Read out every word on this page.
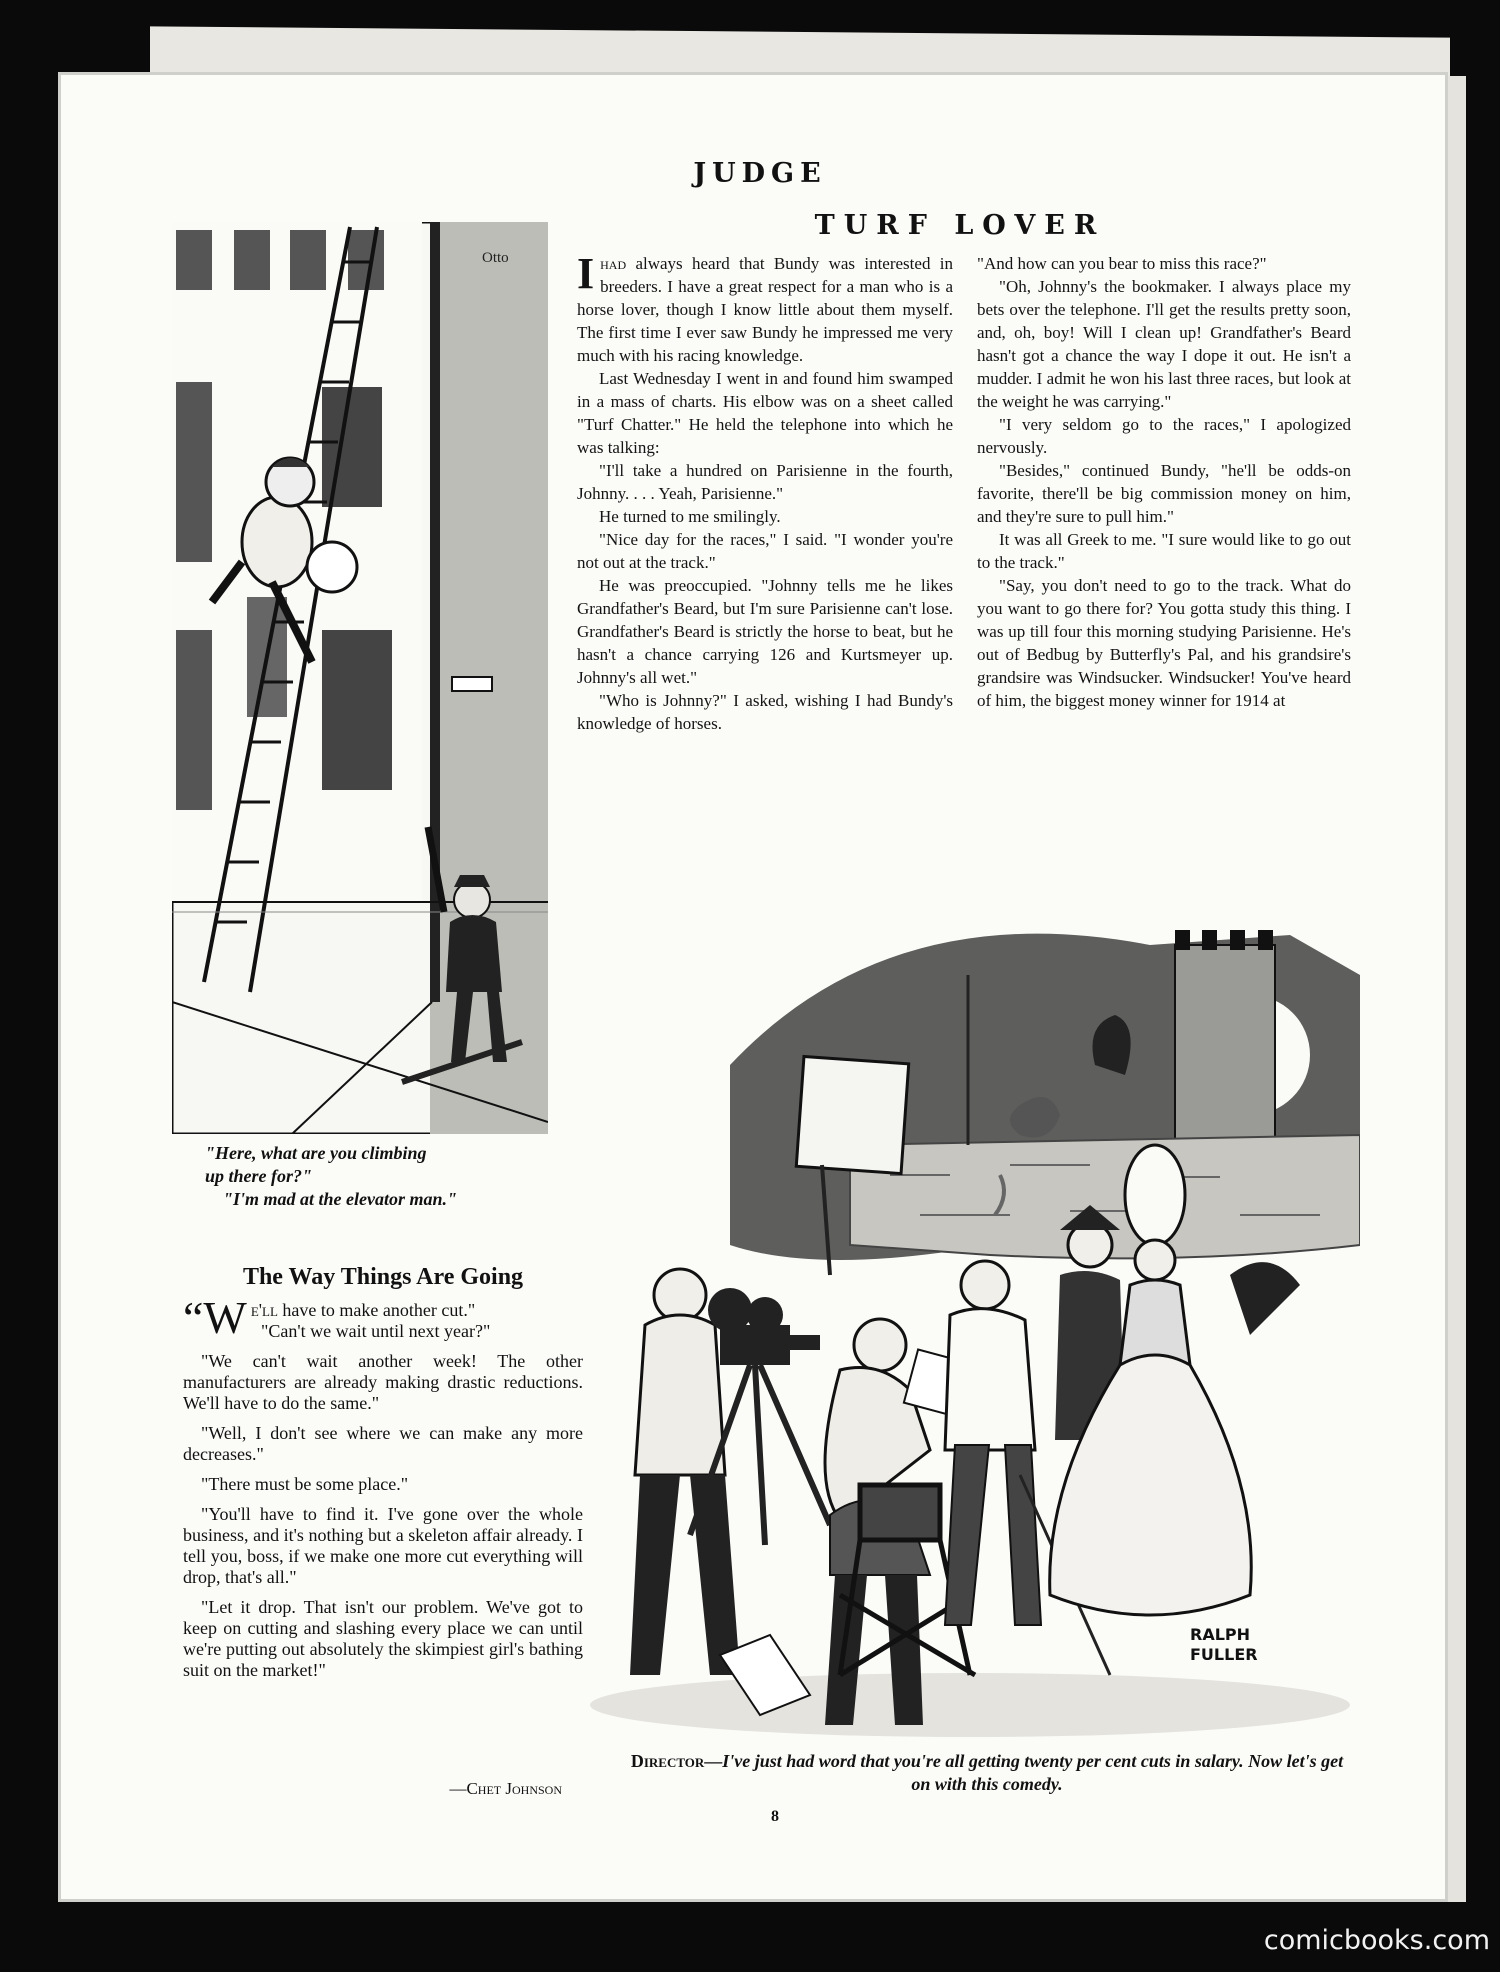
JUDGE
TURF LOVER
Otto
"Here, what are you climbing
up there for?"
"I'm mad at the elevator man."

Ihad always heard that Bundy was interested in breeders. I have a great respect for a man who is a horse lover, though I know little about them myself. The first time I ever saw Bundy he impressed me very much with his racing knowledge.

Last Wednesday I went in and found him swamped in a mass of charts. His elbow was on a sheet called "Turf Chatter." He held the telephone into which he was talking:

"I'll take a hundred on Parisienne in the fourth, Johnny. . . . Yeah, Parisienne."

He turned to me smilingly.

"Nice day for the races," I said. "I wonder you're not out at the track."

He was preoccupied. "Johnny tells me he likes Grandfather's Beard, but I'm sure Parisienne can't lose. Grandfather's Beard is strictly the horse to beat, but he hasn't a chance carrying 126 and Kurtsmeyer up. Johnny's all wet."

"Who is Johnny?" I asked, wishing I had Bundy's knowledge of horses.

"And how can you bear to miss this race?"

"Oh, Johnny's the bookmaker. I always place my bets over the telephone. I'll get the results pretty soon, and, oh, boy! Will I clean up! Grandfather's Beard hasn't got a chance the way I dope it out. He isn't a mudder. I admit he won his last three races, but look at the weight he was carrying."

"I very seldom go to the races," I apologized nervously.

"Besides," continued Bundy, "he'll be odds-on favorite, there'll be big commission money on him, and they're sure to pull him."

It was all Greek to me. "I sure would like to go out to the track."

"Say, you don't need to go to the track. What do you want to go there for? You gotta study this thing. I was up till four this morning studying Parisienne. He's out of Bedbug by Butterfly's Pal, and his grandsire's grandsire was Windsucker. Windsucker! You've heard of him, the biggest money winner for 1914 at

The Way Things Are Going

“We'll have to make another cut."

"Can't we wait until next year?"

"We can't wait another week! The other manufacturers are already making drastic reductions. We'll have to do the same."

"Well, I don't see where we can make any more decreases."

"There must be some place."

"You'll have to find it. I've gone over the whole business, and it's nothing but a skeleton affair already. I tell you, boss, if we make one more cut everything will drop, that's all."

"Let it drop. That isn't our problem. We've got to keep on cutting and slashing every place we can until we're putting out absolutely the skimpiest girl's bathing suit on the market!"

—Chet Johnson
RALPH
FULLER
Director—I've just had word that you're all getting twenty per cent cuts in salary. Now let's get on with this comedy.
8
comicbooks.com
